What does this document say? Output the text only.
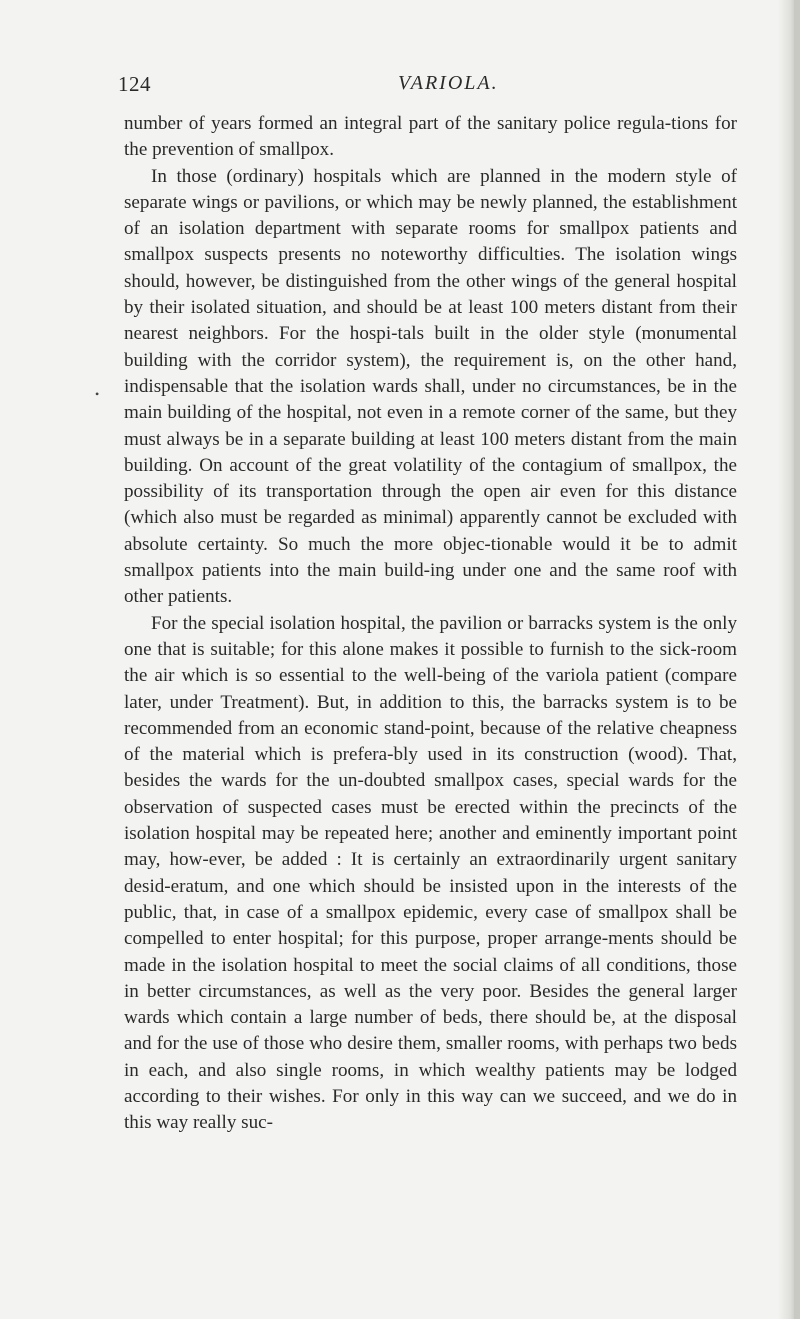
124	VARIOLA.
•

number of years formed an integral part of the sanitary police regula-tions for the prevention of smallpox.

In those (ordinary) hospitals which are planned in the modern style of separate wings or pavilions, or which may be newly planned, the establishment of an isolation department with separate rooms for smallpox patients and smallpox suspects presents no noteworthy difficulties. The isolation wings should, however, be distinguished from the other wings of the general hospital by their isolated situation, and should be at least 100 meters distant from their nearest neighbors. For the hospi-tals built in the older style (monumental building with the corridor system), the requirement is, on the other hand, indispensable that the isolation wards shall, under no circumstances, be in the main building of the hospital, not even in a remote corner of the same, but they must always be in a separate building at least 100 meters distant from the main building. On account of the great volatility of the contagium of smallpox, the possibility of its transportation through the open air even for this distance (which also must be regarded as minimal) apparently cannot be excluded with absolute certainty. So much the more objec-tionable would it be to admit smallpox patients into the main build-ing under one and the same roof with other patients.

For the special isolation hospital, the pavilion or barracks system is the only one that is suitable; for this alone makes it possible to furnish to the sick-room the air which is so essential to the well-being of the variola patient (compare later, under Treatment). But, in addition to this, the barracks system is to be recommended from an economic stand-point, because of the relative cheapness of the material which is prefera-bly used in its construction (wood). That, besides the wards for the un-doubted smallpox cases, special wards for the observation of suspected cases must be erected within the precincts of the isolation hospital may be repeated here; another and eminently important point may, how-ever, be added : It is certainly an extraordinarily urgent sanitary desid-eratum, and one which should be insisted upon in the interests of the public, that, in case of a smallpox epidemic, every case of smallpox shall be compelled to enter hospital; for this purpose, proper arrange-ments should be made in the isolation hospital to meet the social claims of all conditions, those in better circumstances, as well as the very poor. Besides the general larger wards which contain a large number of beds, there should be, at the disposal and for the use of those who desire them, smaller rooms, with perhaps two beds in each, and also single rooms, in which wealthy patients may be lodged according to their wishes. For only in this way can we succeed, and we do in this way really suc-
